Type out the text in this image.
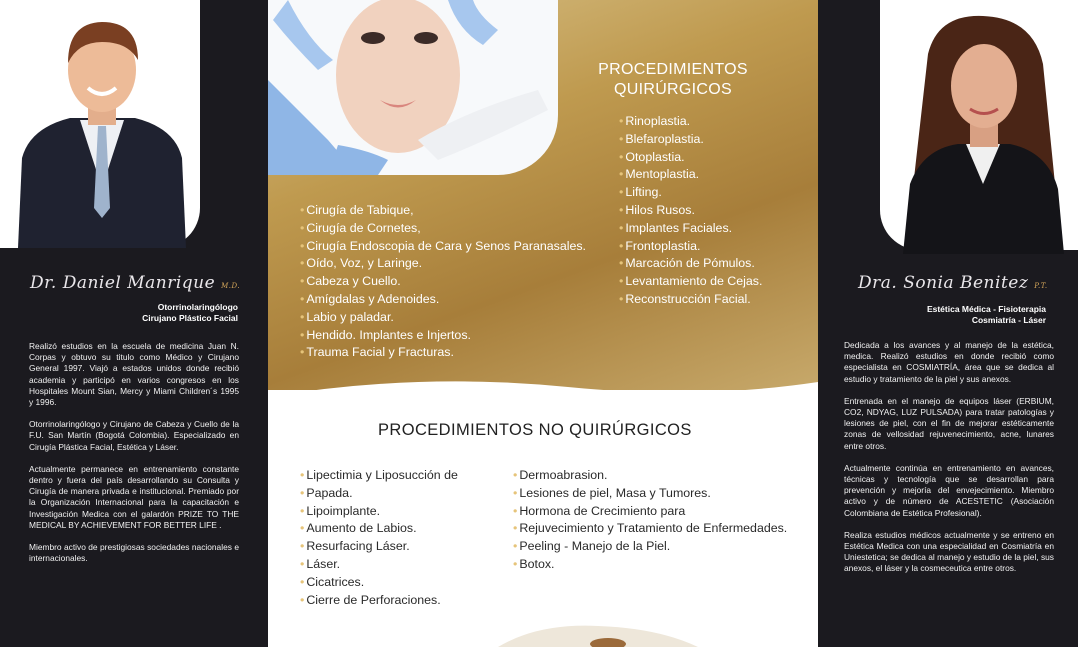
Dr. Daniel Manrique M.D.
Otorrinolaringólogo
Cirujano Plástico Facial

Realizó estudios en la escuela de medicina Juan N. Corpas y obtuvo su titulo como Médico y Cirujano General 1997. Viajó a estados unidos donde recibió academia y participó en varios congresos en los Hospitales Mount Sian, Mercy y Miami Children´s 1995 y 1996.

Otorrinolaringólogo y Cirujano de Cabeza y Cuello de la F.U. San Martín (Bogotá Colombia). Especializado en Cirugía Plástica Facial, Estética y Láser.

Actualmente permanece en entrenamiento constante dentro y fuera del país desarrollando su Consulta y Cirugía de manera privada e institucional. Premiado por la Organización Internacional para la capacitación e Investigación Medica con el galardón PRIZE TO THE MEDICAL BY ACHIEVEMENT FOR BETTER LIFE .

Miembro activo de prestigiosas sociedades nacionales e internacionales.

PROCEDIMIENTOS
QUIRÚRGICOS
• Rinoplastia.
• Blefaroplastia.
• Otoplastia.
• Mentoplastia.
• Lifting.
• Hilos Rusos.
• Implantes Faciales.
• Frontoplastia.
• Marcación de Pómulos.
• Levantamiento de Cejas.
• Reconstrucción Facial.
• Cirugía de Tabique,
• Cirugía de Cornetes,
• Cirugía Endoscopia de Cara y Senos Paranasales.
• Oído, Voz, y Laringe.
• Cabeza y Cuello.
• Amígdalas y Adenoides.
• Labio y paladar.
• Hendido. Implantes e Injertos.
• Trauma Facial y Fracturas.
PROCEDIMIENTOS NO QUIRÚRGICOS
• Lipectimia y Liposucción de
• Papada.
• Lipoimplante.
• Aumento de Labios.
• Resurfacing Láser.
• Láser.
• Cicatrices.
• Cierre de Perforaciones.
• Dermoabrasion.
• Lesiones de piel, Masa y Tumores.
• Hormona de Crecimiento para
• Rejuvecimiento y Tratamiento de Enfermedades.
• Peeling - Manejo de la Piel.
• Botox.
Dra. Sonia Benitez P.T.
Estética Médica - Fisioterapia
Cosmiatría - Láser

Dedicada a los avances y al manejo de la estética, medica. Realizó estudios en donde recibió como especialista en COSMIATRÍA, área que se dedica al estudio y tratamiento de la piel y sus anexos.

Entrenada en el manejo de equipos láser (ERBIUM, CO2, NDYAG, LUZ PULSADA) para tratar patologías y lesiones de piel, con el fin de mejorar estéticamente zonas de vellosidad rejuvenecimiento, acne, lunares entre otros.

Actualmente continúa en entrenamiento en avances, técnicas y tecnología que se desarrollan para prevención y mejoría del envejecimiento. Miembro activo y de número de ACESTETIC (Asociación Colombiana de Estética Profesional).

Realiza estudios médicos actualmente y se entreno en Estética Medica con una especialidad en Cosmiatría en Uniestetica; se dedica al manejo y estudio de la piel, sus anexos, el láser y la cosmeceutica entre otros.
